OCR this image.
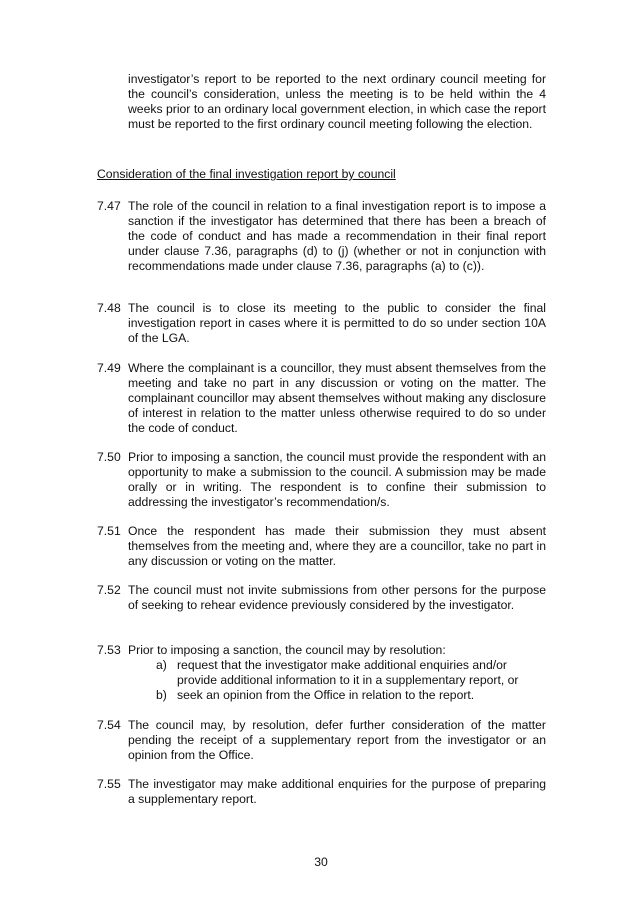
investigator’s report to be reported to the next ordinary council meeting for the council’s consideration, unless the meeting is to be held within the 4 weeks prior to an ordinary local government election, in which case the report must be reported to the first ordinary council meeting following the election.

Consideration of the final investigation report by council
7.47 The role of the council in relation to a final investigation report is to impose a sanction if the investigator has determined that there has been a breach of the code of conduct and has made a recommendation in their final report under clause 7.36, paragraphs (d) to (j) (whether or not in conjunction with recommendations made under clause 7.36, paragraphs (a) to (c)).

7.48 The council is to close its meeting to the public to consider the final investigation report in cases where it is permitted to do so under section 10A of the LGA.

7.49 Where the complainant is a councillor, they must absent themselves from the meeting and take no part in any discussion or voting on the matter. The complainant councillor may absent themselves without making any disclosure of interest in relation to the matter unless otherwise required to do so under the code of conduct.

7.50 Prior to imposing a sanction, the council must provide the respondent with an opportunity to make a submission to the council. A submission may be made orally or in writing. The respondent is to confine their submission to addressing the investigator’s recommendation/s.

7.51 Once the respondent has made their submission they must absent themselves from the meeting and, where they are a councillor, take no part in any discussion or voting on the matter.

7.52 The council must not invite submissions from other persons for the purpose of seeking to rehear evidence previously considered by the investigator.

7.53 Prior to imposing a sanction, the council may by resolution:

a) request that the investigator make additional enquiries and/or provide additional information to it in a supplementary report, or
b) seek an opinion from the Office in relation to the report.
7.54 The council may, by resolution, defer further consideration of the matter pending the receipt of a supplementary report from the investigator or an opinion from the Office.

7.55 The investigator may make additional enquiries for the purpose of preparing a supplementary report.

30
